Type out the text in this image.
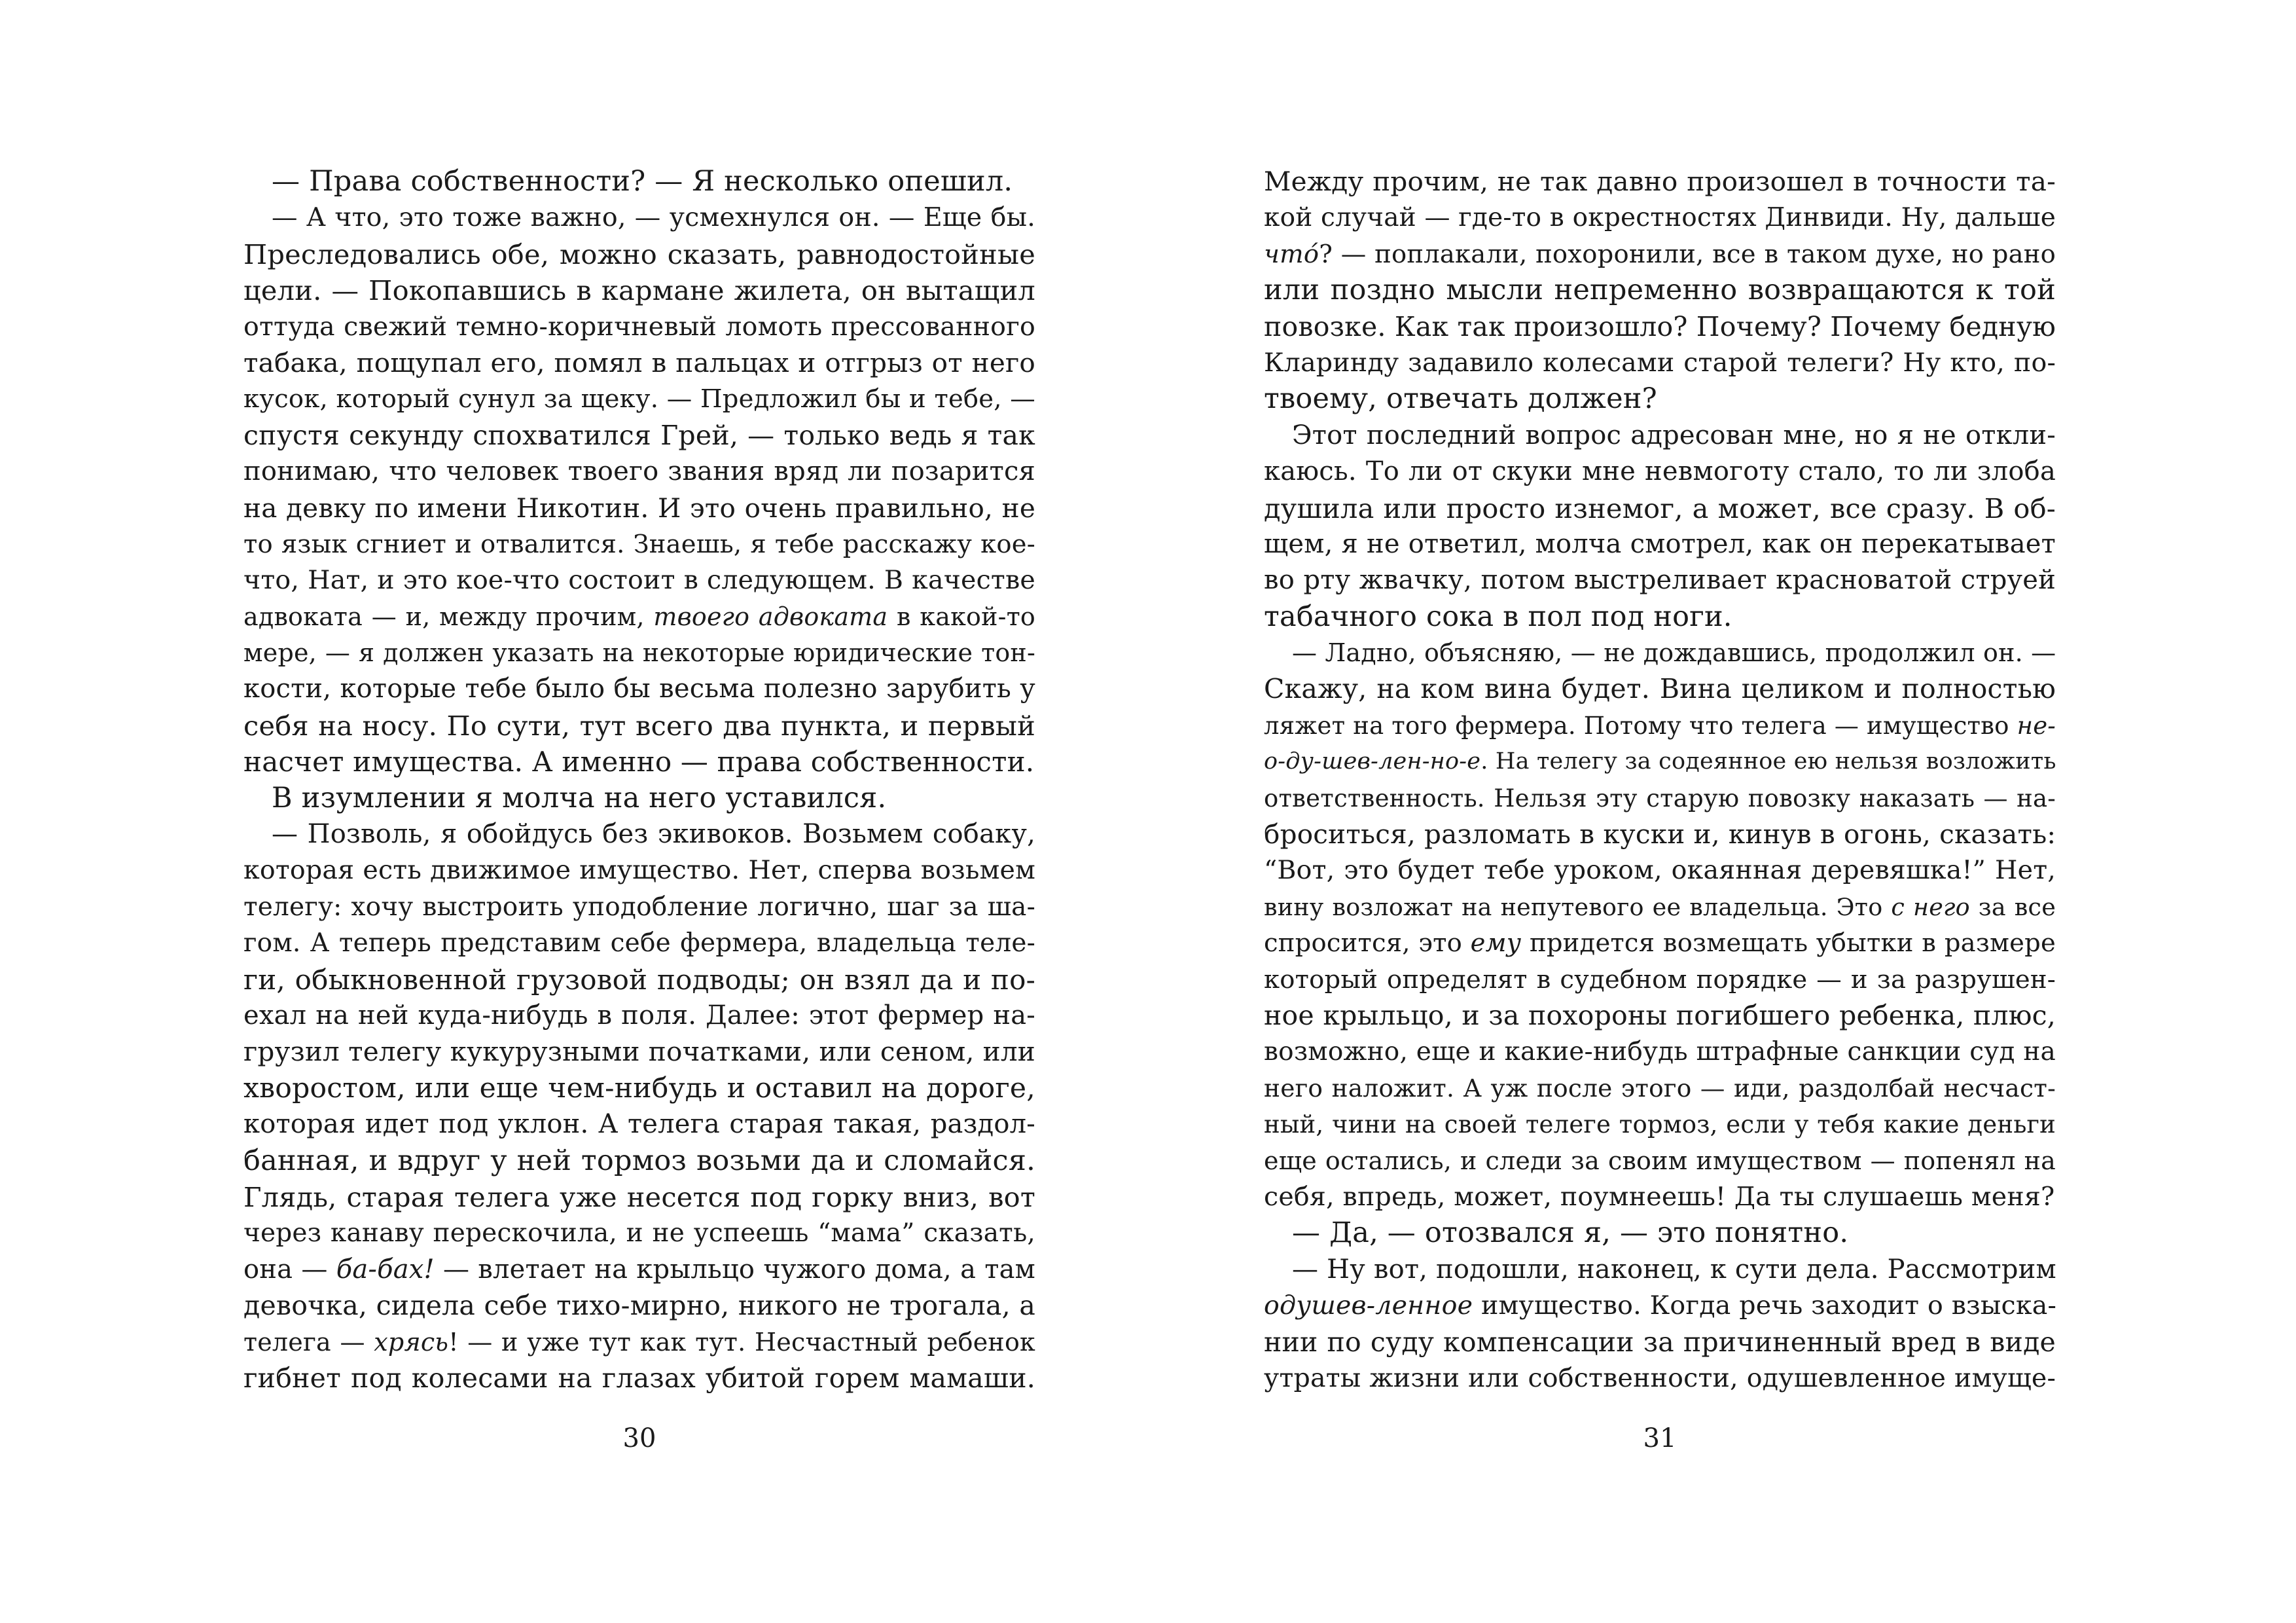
— Права собственности? — Я несколько опешил.
— А что, это тоже важно, — усмехнулся он. — Еще бы.
Преследовались обе, можно сказать, равнодостойные
цели. — Покопавшись в кармане жилета, он вытащил
оттуда свежий темно-коричневый ломоть прессованного
табака, пощупал его, помял в пальцах и отгрыз от него
кусок, который сунул за щеку. — Предложил бы и тебе, —
спустя секунду спохватился Грей, — только ведь я так
понимаю, что человек твоего звания вряд ли позарится
на девку по имени Никотин. И это очень правильно, не
то язык сгниет и отвалится. Знаешь, я тебе расскажу кое-
что, Нат, и это кое-что состоит в следующем. В качестве
адвоката — и, между прочим, твоего адвоката в какой-то
мере, — я должен указать на некоторые юридические тон-
кости, которые тебе было бы весьма полезно зарубить у
себя на носу. По сути, тут всего два пункта, и первый
насчет имущества. А именно — права собственности.
В изумлении я молча на него уставился.
— Позволь, я обойдусь без экивоков. Возьмем собаку,
которая есть движимое имущество. Нет, сперва возьмем
телегу: хочу выстроить уподобление логично, шаг за ша-
гом. А теперь представим себе фермера, владельца теле-
ги, обыкновенной грузовой подводы; он взял да и по-
ехал на ней куда-нибудь в поля. Далее: этот фермер на-
грузил телегу кукурузными початками, или сеном, или
хворостом, или еще чем-нибудь и оставил на дороге,
которая идет под уклон. А телега старая такая, раздол-
банная, и вдруг у ней тормоз возьми да и сломайся.
Глядь, старая телега уже несется под горку вниз, вот
через канаву перескочила, и не успеешь “мама” сказать,
она — ба-бах! — влетает на крыльцо чужого дома, а там
девочка, сидела себе тихо-мирно, никого не трогала, а
телега — хрясь! — и уже тут как тут. Несчастный ребенок
гибнет под колесами на глазах убитой горем мамаши.
30
Между прочим, не так давно произошел в точности та-
кой случай — где-то в окрестностях Динвиди. Ну, дальше
что́? — поплакали, похоронили, все в таком духе, но рано
или поздно мысли непременно возвращаются к той
повозке. Как так произошло? Почему? Почему бедную
Кларинду задавило колесами старой телеги? Ну кто, по-
твоему, отвечать должен?
Этот последний вопрос адресован мне, но я не откли-
каюсь. То ли от скуки мне невмоготу стало, то ли злоба
душила или просто изнемог, а может, все сразу. В об-
щем, я не ответил, молча смотрел, как он перекатывает
во рту жвачку, потом выстреливает красноватой струей
табачного сока в пол под ноги.
— Ладно, объясняю, — не дождавшись, продолжил он. —
Скажу, на ком вина будет. Вина целиком и полностью
ляжет на того фермера. Потому что телега — имущество не-
о-ду-шев-лен-но-е. На телегу за содеянное ею нельзя возложить
ответственность. Нельзя эту старую повозку наказать — на-
броситься, разломать в куски и, кинув в огонь, сказать:
“Вот, это будет тебе уроком, окаянная деревяшка!” Нет,
вину возложат на непутевого ее владельца. Это с него за все
спросится, это ему придется возмещать убытки в размере
который определят в судебном порядке — и за разрушен-
ное крыльцо, и за похороны погибшего ребенка, плюс,
возможно, еще и какие-нибудь штрафные санкции суд на
него наложит. А уж после этого — иди, раздолбай несчаст-
ный, чини на своей телеге тормоз, если у тебя какие деньги
еще остались, и следи за своим имуществом — попенял на
себя, впредь, может, поумнеешь! Да ты слушаешь меня?
— Да, — отозвался я, — это понятно.
— Ну вот, подошли, наконец, к сути дела. Рассмотрим
одушев-ленное имущество. Когда речь заходит о взыска-
нии по суду компенсации за причиненный вред в виде
утраты жизни или собственности, одушевленное имуще-
31
